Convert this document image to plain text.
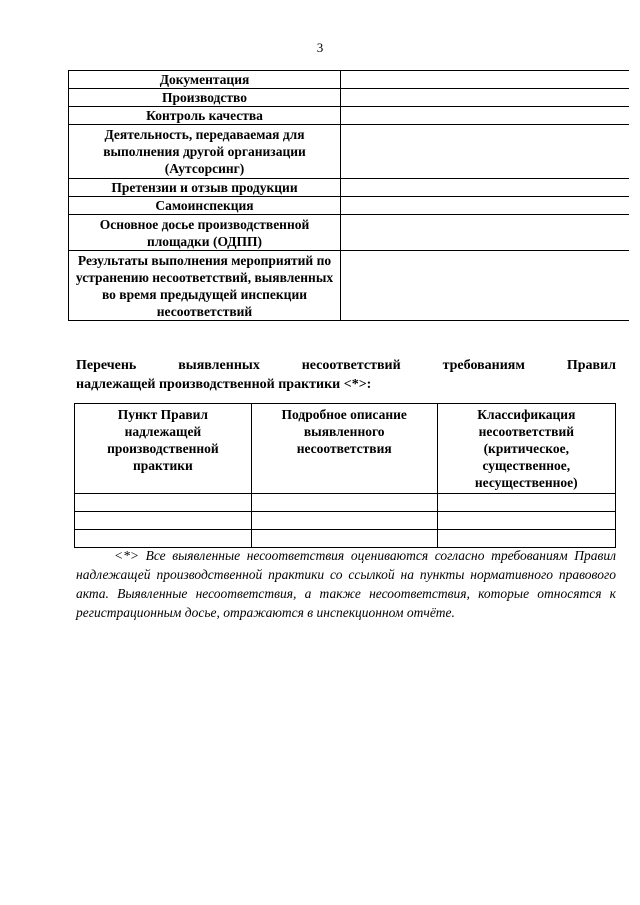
3
Документация	
Производство	
Контроль качества	
Деятельность, передаваемая для выполнения другой организации (Аутсорсинг)	
Претензии и отзыв продукции	
Самоинспекция	
Основное досье производственной площадки (ОДПП)	
Результаты выполнения мероприятий по устранению несоответствий, выявленных во время предыдущей инспекции несоответствий	
Перечень выявленных несоответствий требованиям Правил
надлежащей производственной практики <*>:
Пункт Правил надлежащей производственной практики	Подробное описание выявленного несоответствия	Классификация несоответствий (критическое, существенное, несущественное)

<*> Все выявленные несоответствия оцениваются согласно требованиям Правил надлежащей производственной практики со ссылкой на пункты нормативного правового акта. Выявленные несоответствия, а также несоответствия, которые относятся к регистрационным досье, отражаются в инспекционном отчёте.
